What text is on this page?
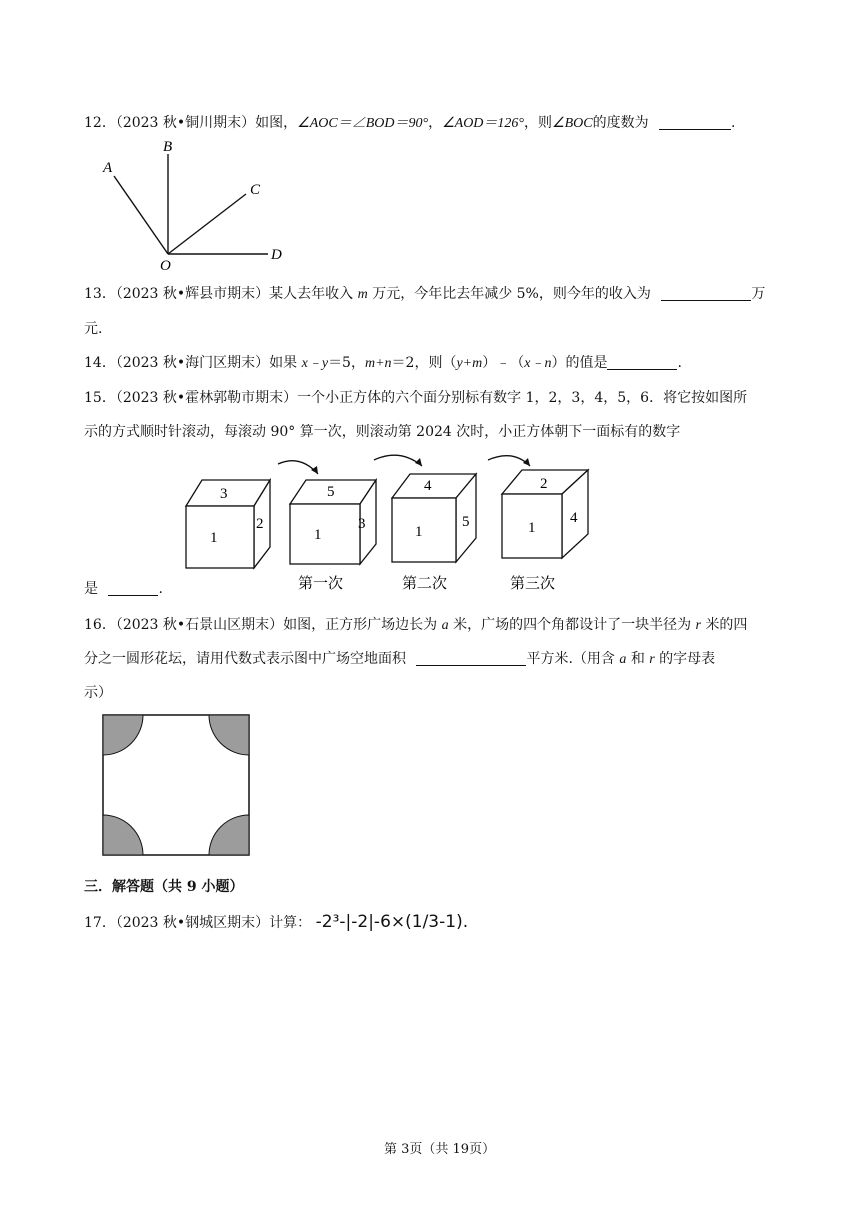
12．（2023 秋•铜川期末）如图，∠AOC＝∠BOD＝90°，∠AOD＝126°，则∠BOC的度数为	.
A
B
C
D
O
13．（2023 秋•辉县市期末）某人去年收入 m 万元，今年比去年减少 5%，则今年的收入为	万
元.
14．（2023 秋•海门区期末）如果 x﹣y＝5，m+n＝2，则（y+m）﹣（x﹣n）的值是	.
15．（2023 秋•霍林郭勒市期末）一个小正方体的六个面分别标有数字 1，2，3，4，5，6．将它按如图所
示的方式顺时针滚动，每滚动 90° 算一次，则滚动第 2024 次时，小正方体朝下一面标有的数字
3
1
2
5
1
3
第一次
4
1
5
第二次
2
1
4
第三次
是	.
16．（2023 秋•石景山区期末）如图，正方形广场边长为 a 米，广场的四个角都设计了一块半径为 r 米的四
分之一圆形花坛，请用代数式表示图中广场空地面积	平方米.（用含 a 和 r 的字母表
示）
三．解答题（共 9 小题）
17．（2023 秋•钢城区期末）计算： -2³-|-2|-6×(1/3-1).
第 3页（共 19页）
